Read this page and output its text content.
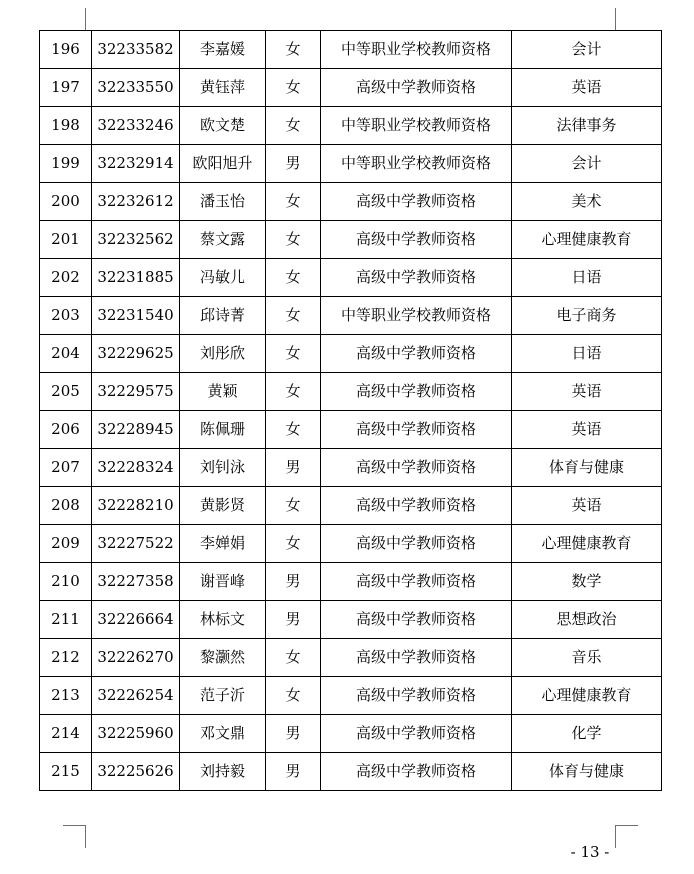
196	32233582	李嘉媛	女	中等职业学校教师资格	会计
197	32233550	黄钰萍	女	高级中学教师资格	英语
198	32233246	欧文楚	女	中等职业学校教师资格	法律事务
199	32232914	欧阳旭升	男	中等职业学校教师资格	会计
200	32232612	潘玉怡	女	高级中学教师资格	美术
201	32232562	蔡文露	女	高级中学教师资格	心理健康教育
202	32231885	冯敏儿	女	高级中学教师资格	日语
203	32231540	邱诗菁	女	中等职业学校教师资格	电子商务
204	32229625	刘彤欣	女	高级中学教师资格	日语
205	32229575	黄颖	女	高级中学教师资格	英语
206	32228945	陈佩珊	女	高级中学教师资格	英语
207	32228324	刘钊泳	男	高级中学教师资格	体育与健康
208	32228210	黄影贤	女	高级中学教师资格	英语
209	32227522	李婵娟	女	高级中学教师资格	心理健康教育
210	32227358	谢晋峰	男	高级中学教师资格	数学
211	32226664	林标文	男	高级中学教师资格	思想政治
212	32226270	黎灏然	女	高级中学教师资格	音乐
213	32226254	范子沂	女	高级中学教师资格	心理健康教育
214	32225960	邓文鼎	男	高级中学教师资格	化学
215	32225626	刘持毅	男	高级中学教师资格	体育与健康
- 13 -
